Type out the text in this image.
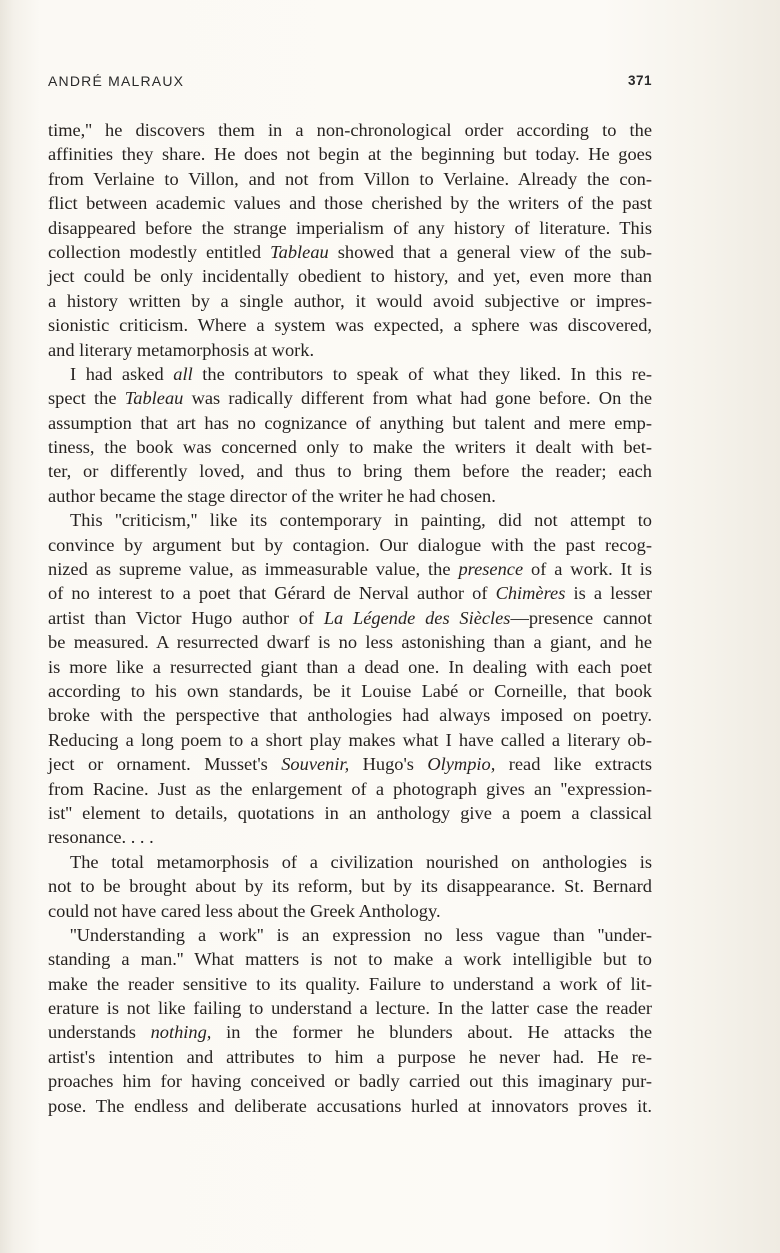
ANDRÉ MALRAUX	371
time,'' he discovers them in a non-chronological order according to the
affinities they share. He does not begin at the beginning but today. He goes
from Verlaine to Villon, and not from Villon to Verlaine. Already the con-
flict between academic values and those cherished by the writers of the past
disappeared before the strange imperialism of any history of literature. This
collection modestly entitled Tableau showed that a general view of the sub-
ject could be only incidentally obedient to history, and yet, even more than
a history written by a single author, it would avoid subjective or impres-
sionistic criticism. Where a system was expected, a sphere was discovered,
and literary metamorphosis at work.
I had asked all the contributors to speak of what they liked. In this re-
spect the Tableau was radically different from what had gone before. On the
assumption that art has no cognizance of anything but talent and mere emp-
tiness, the book was concerned only to make the writers it dealt with bet-
ter, or differently loved, and thus to bring them before the reader; each
author became the stage director of the writer he had chosen.
This ''criticism,'' like its contemporary in painting, did not attempt to
convince by argument but by contagion. Our dialogue with the past recog-
nized as supreme value, as immeasurable value, the presence of a work. It is
of no interest to a poet that Gérard de Nerval author of Chimères is a lesser
artist than Victor Hugo author of La Légende des Siècles—presence cannot
be measured. A resurrected dwarf is no less astonishing than a giant, and he
is more like a resurrected giant than a dead one. In dealing with each poet
according to his own standards, be it Louise Labé or Corneille, that book
broke with the perspective that anthologies had always imposed on poetry.
Reducing a long poem to a short play makes what I have called a literary ob-
ject or ornament. Musset's Souvenir, Hugo's Olympio, read like extracts
from Racine. Just as the enlargement of a photograph gives an ''expression-
ist'' element to details, quotations in an anthology give a poem a classical
resonance. . . .
The total metamorphosis of a civilization nourished on anthologies is
not to be brought about by its reform, but by its disappearance. St. Bernard
could not have cared less about the Greek Anthology.
''Understanding a work'' is an expression no less vague than ''under-
standing a man.'' What matters is not to make a work intelligible but to
make the reader sensitive to its quality. Failure to understand a work of lit-
erature is not like failing to understand a lecture. In the latter case the reader
understands nothing, in the former he blunders about. He attacks the
artist's intention and attributes to him a purpose he never had. He re-
proaches him for having conceived or badly carried out this imaginary pur-
pose. The endless and deliberate accusations hurled at innovators proves it.
